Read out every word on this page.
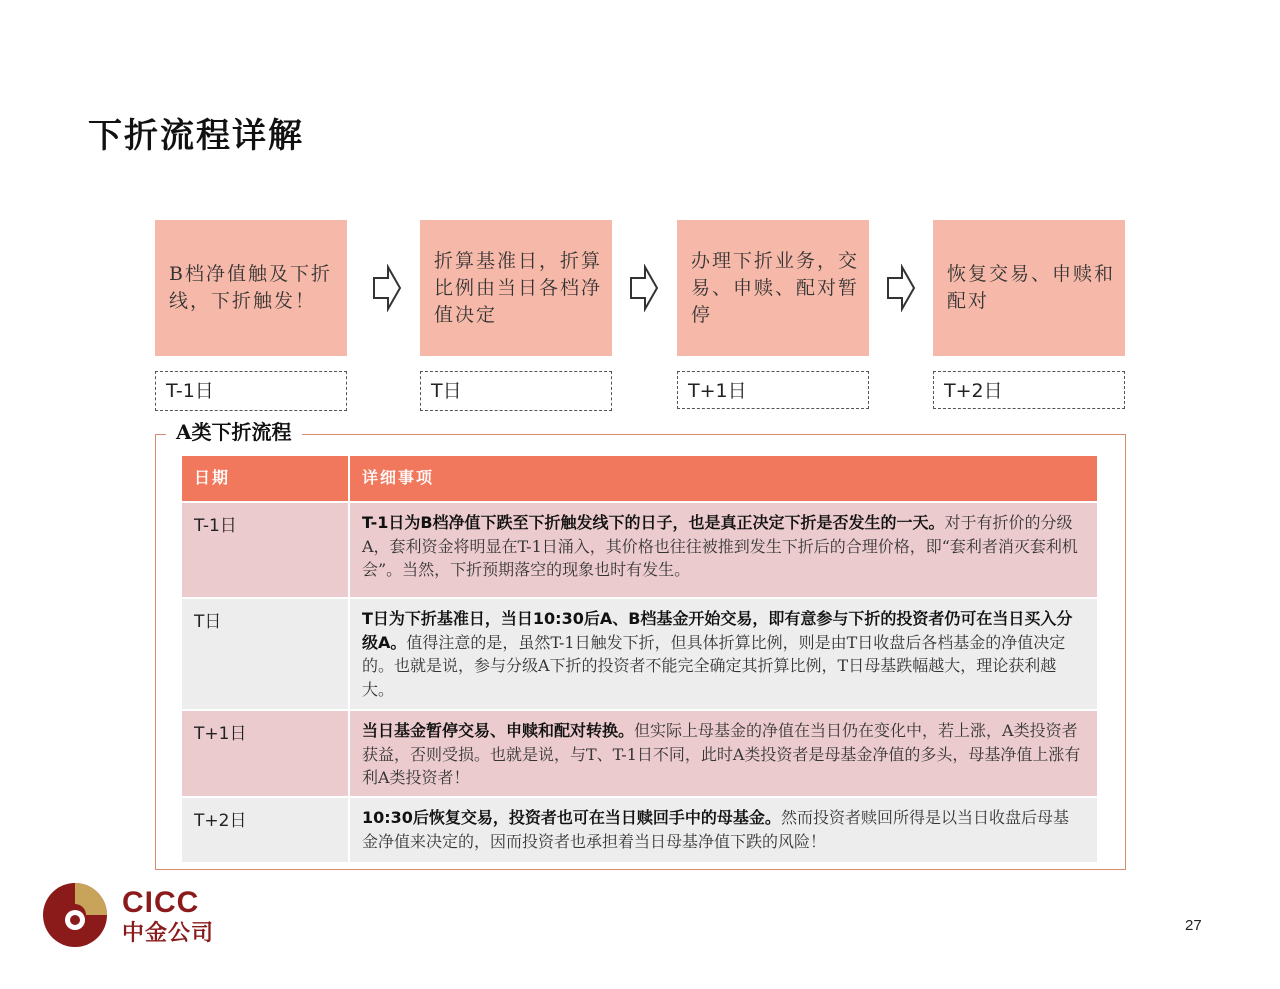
下折流程详解
B档净值触及下折线，下折触发！
折算基准日，折算比例由当日各档净值决定
办理下折业务，交易、申赎、配对暂停
恢复交易、申赎和配对
T-1日	T日	T+1日	T+2日
A类下折流程
日期	详细事项
T-1日	T-1日为B档净值下跌至下折触发线下的日子，也是真正决定下折是否发生的一天。对于有折价的分级A，套利资金将明显在T-1日涌入，其价格也往往被推到发生下折后的合理价格，即“套利者消灭套利机会”。当然，下折预期落空的现象也时有发生。
T日	T日为下折基准日，当日10:30后A、B档基金开始交易，即有意参与下折的投资者仍可在当日买入分级A。值得注意的是，虽然T-1日触发下折，但具体折算比例，则是由T日收盘后各档基金的净值决定的。也就是说，参与分级A下折的投资者不能完全确定其折算比例，T日母基跌幅越大，理论获利越大。
T+1日	当日基金暂停交易、申赎和配对转换。但实际上母基金的净值在当日仍在变化中，若上涨，A类投资者获益，否则受损。也就是说，与T、T-1日不同，此时A类投资者是母基金净值的多头，母基净值上涨有利A类投资者！
T+2日	10:30后恢复交易，投资者也可在当日赎回手中的母基金。然而投资者赎回所得是以当日收盘后母基金净值来决定的，因而投资者也承担着当日母基净值下跌的风险！
CICC
中金公司	27
